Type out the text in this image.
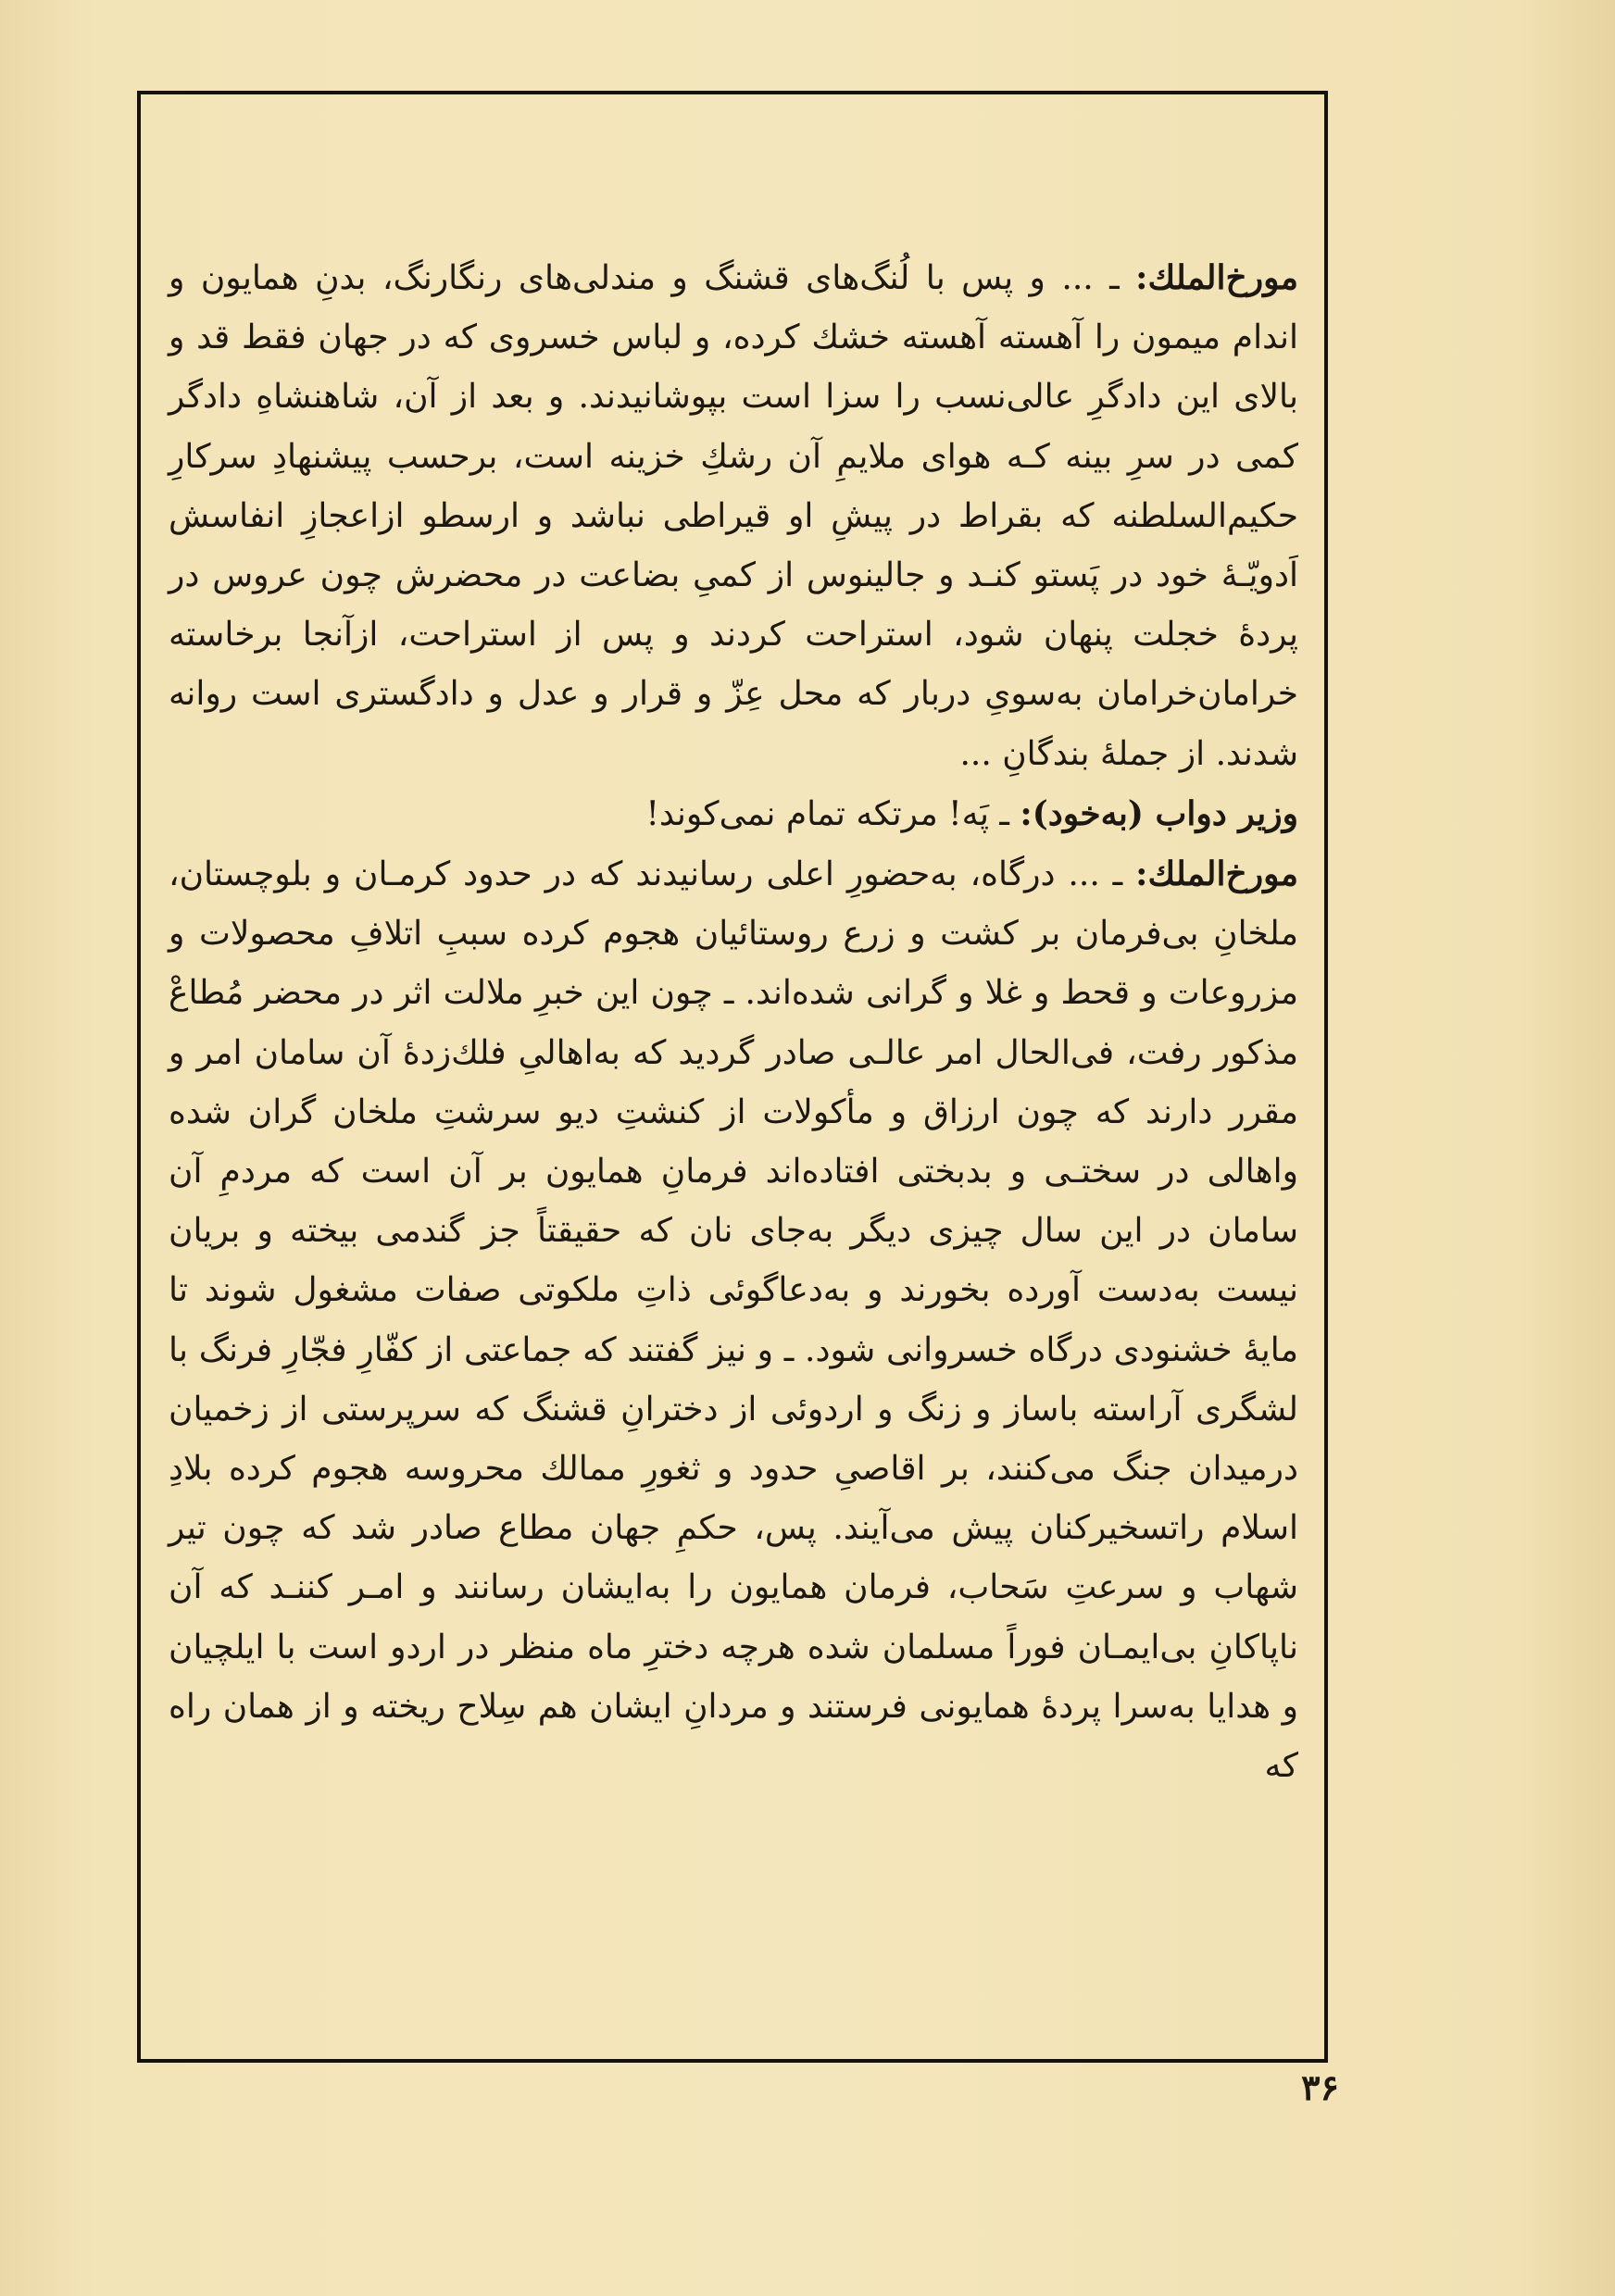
مورخ‌الملك: ـ ... و پس با لُنگ‌های قشنگ و مندلی‌های رنگارنگ، بدنِ همایون و اندام میمون را آهسته آهسته خشك كرده، و لباس خسروی كه در جهان فقط قد و بالای این دادگرِ عالی‌نسب را سزا است بپوشانیدند. و بعد از آن، شاهنشاهِ دادگر كمی در سرِ بینه كـه هوای ملایمِ آن رشكِ خزینه است، برحسب پیشنهادِ سركارِ حكیم‌السلطنه كه بقراط در پیشِ او قیراطی نباشد و ارسطو ازاعجازِ انفاسش اَدویّـهٔ خود در پَستو كنـد و جالینوس از كمیِ بضاعت در محضرش چون عروس در پردهٔ خجلت پنهان شود، استراحت كردند و پس از استراحت، ازآنجا برخاسته خرامان‌خرامان به‌سویِ دربار كه محل عِزّ و قرار و عدل و دادگستری است روانه شدند. از جملهٔ بندگانِ ...

وزیر دواب (به‌خود): ـ پَه! مرتكه تمام نمی‌كوند!

مورخ‌الملك: ـ ... درگاه، به‌حضورِ اعلی رسانیدند كه در حدود كرمـان و بلوچستان، ملخانِ بی‌فرمان بر كشت و زرع روستائیان هجوم كرده سببِ اتلافِ محصولات و مزروعات و قحط و غلا و گرانی شده‌اند. ـ چون این خبرِ ملالت اثر در محضر مُطاعْ مذكور رفت، فی‌الحال امر عالـی صادر گردید كه به‌اهالیِ فلك‌زدهٔ آن سامان امر و مقرر دارند كه چون ارزاق و مأكولات از كنشتِ دیو سرشتِ ملخان گران شده واهالی در سختـی و بدبختی افتاده‌اند فرمانِ همایون بر آن است كه مردمِ آن سامان در این سال چیزی دیگر به‌جای نان كه حقیقتاً جز گندمی بیخته و بریان نیست به‌دست آورده بخورند و به‌دعاگوئی ذاتِ ملكوتی صفات مشغول شوند تا مایهٔ خشنودی درگاه خسروانی شود. ـ و نیز گفتند كه جماعتی از كفّارِ فجّارِ فرنگ با لشگری آراسته باساز و زنگ و اردوئی از دخترانِ قشنگ كه سرپرستی از زخمیان درمیدان جنگ می‌كنند، بر اقاصیِ حدود و ثغورِ ممالك محروسه هجوم كرده بلادِ اسلام راتسخیركنان پیش می‌آیند. پس، حكمِ جهان مطاع صادر شد كه چون تیر شهاب و سرعتِ سَحاب، فرمان همایون را به‌ایشان رسانند و امـر كننـد كه آن ناپاكانِ بی‌ایمـان فوراً مسلمان شده هرچه دخترِ ماه منظر در اردو است با ایلچیان و هدایا به‌سرا پردهٔ همایونی فرستند و مردانِ ایشان هم سِلاح ریخته و از همان راه كه

۳۶
